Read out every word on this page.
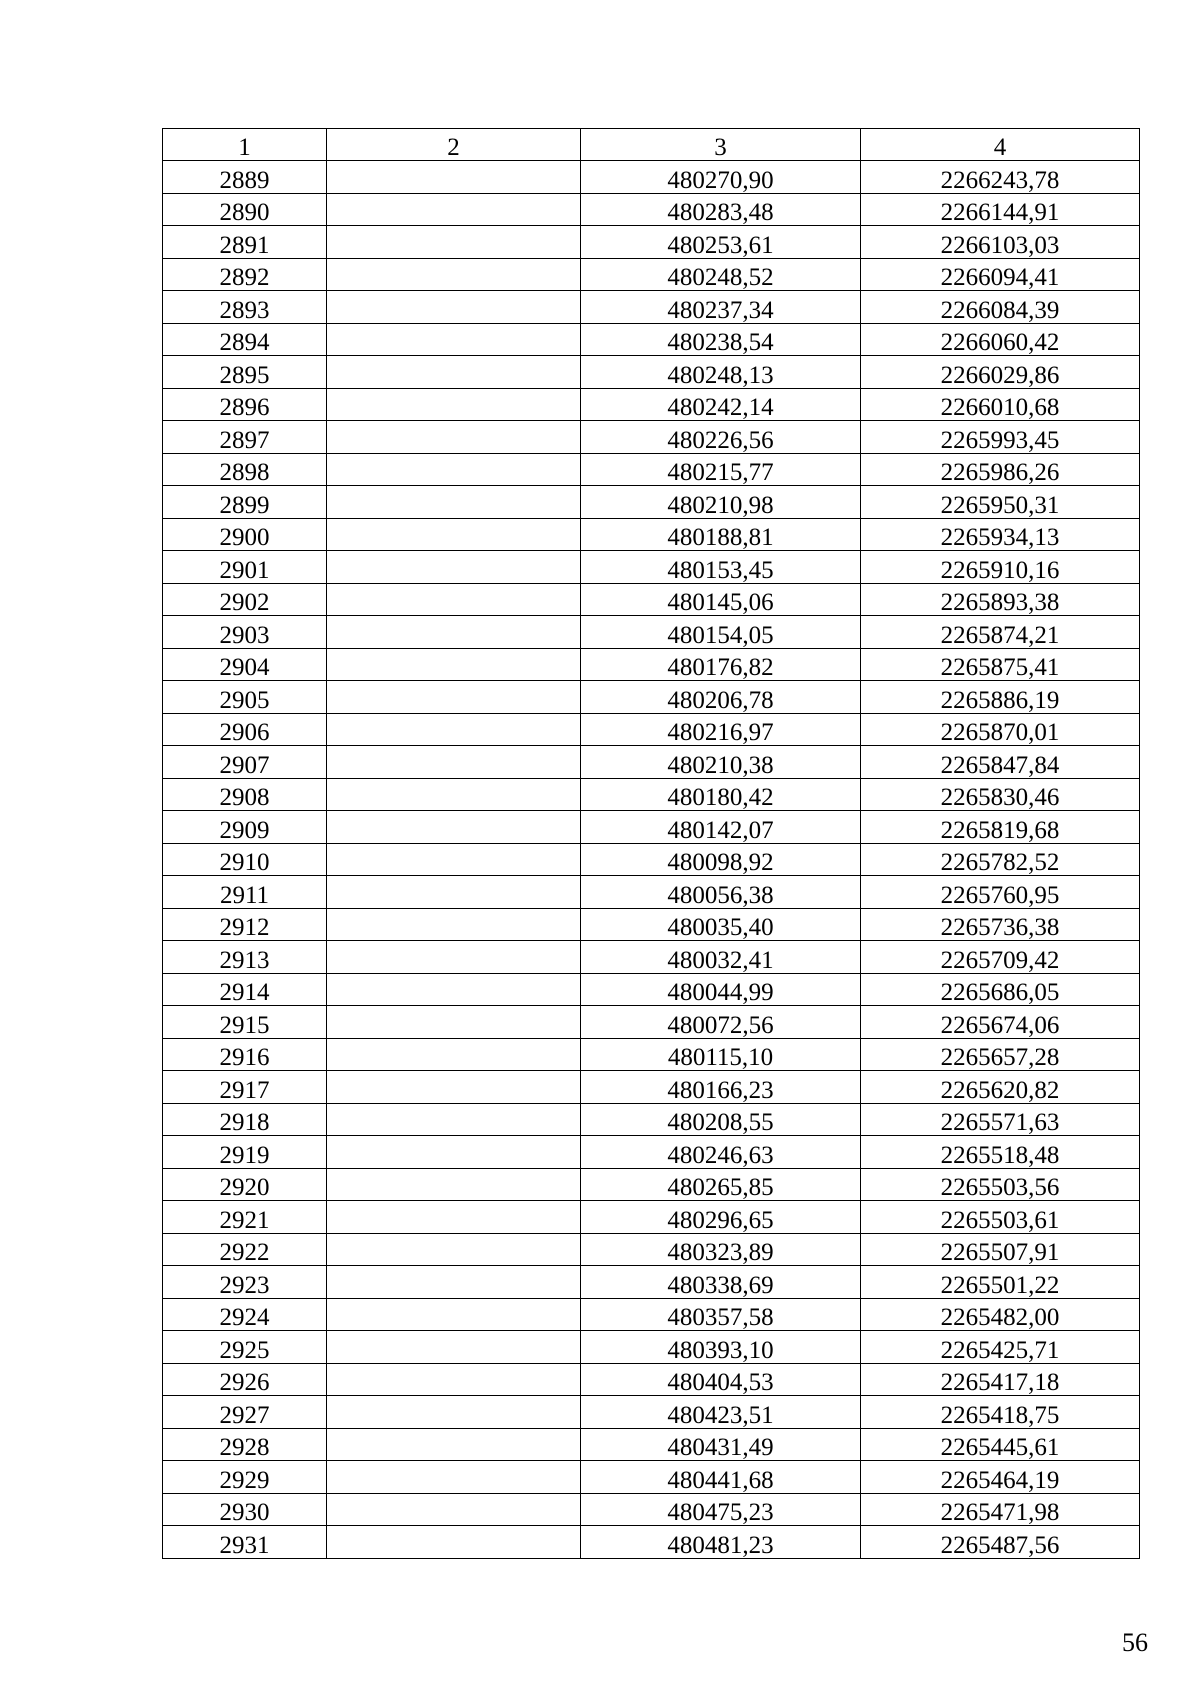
1	2	3	4
2889		480270,90	2266243,78
2890		480283,48	2266144,91
2891		480253,61	2266103,03
2892		480248,52	2266094,41
2893		480237,34	2266084,39
2894		480238,54	2266060,42
2895		480248,13	2266029,86
2896		480242,14	2266010,68
2897		480226,56	2265993,45
2898		480215,77	2265986,26
2899		480210,98	2265950,31
2900		480188,81	2265934,13
2901		480153,45	2265910,16
2902		480145,06	2265893,38
2903		480154,05	2265874,21
2904		480176,82	2265875,41
2905		480206,78	2265886,19
2906		480216,97	2265870,01
2907		480210,38	2265847,84
2908		480180,42	2265830,46
2909		480142,07	2265819,68
2910		480098,92	2265782,52
2911		480056,38	2265760,95
2912		480035,40	2265736,38
2913		480032,41	2265709,42
2914		480044,99	2265686,05
2915		480072,56	2265674,06
2916		480115,10	2265657,28
2917		480166,23	2265620,82
2918		480208,55	2265571,63
2919		480246,63	2265518,48
2920		480265,85	2265503,56
2921		480296,65	2265503,61
2922		480323,89	2265507,91
2923		480338,69	2265501,22
2924		480357,58	2265482,00
2925		480393,10	2265425,71
2926		480404,53	2265417,18
2927		480423,51	2265418,75
2928		480431,49	2265445,61
2929		480441,68	2265464,19
2930		480475,23	2265471,98
2931		480481,23	2265487,56
56
